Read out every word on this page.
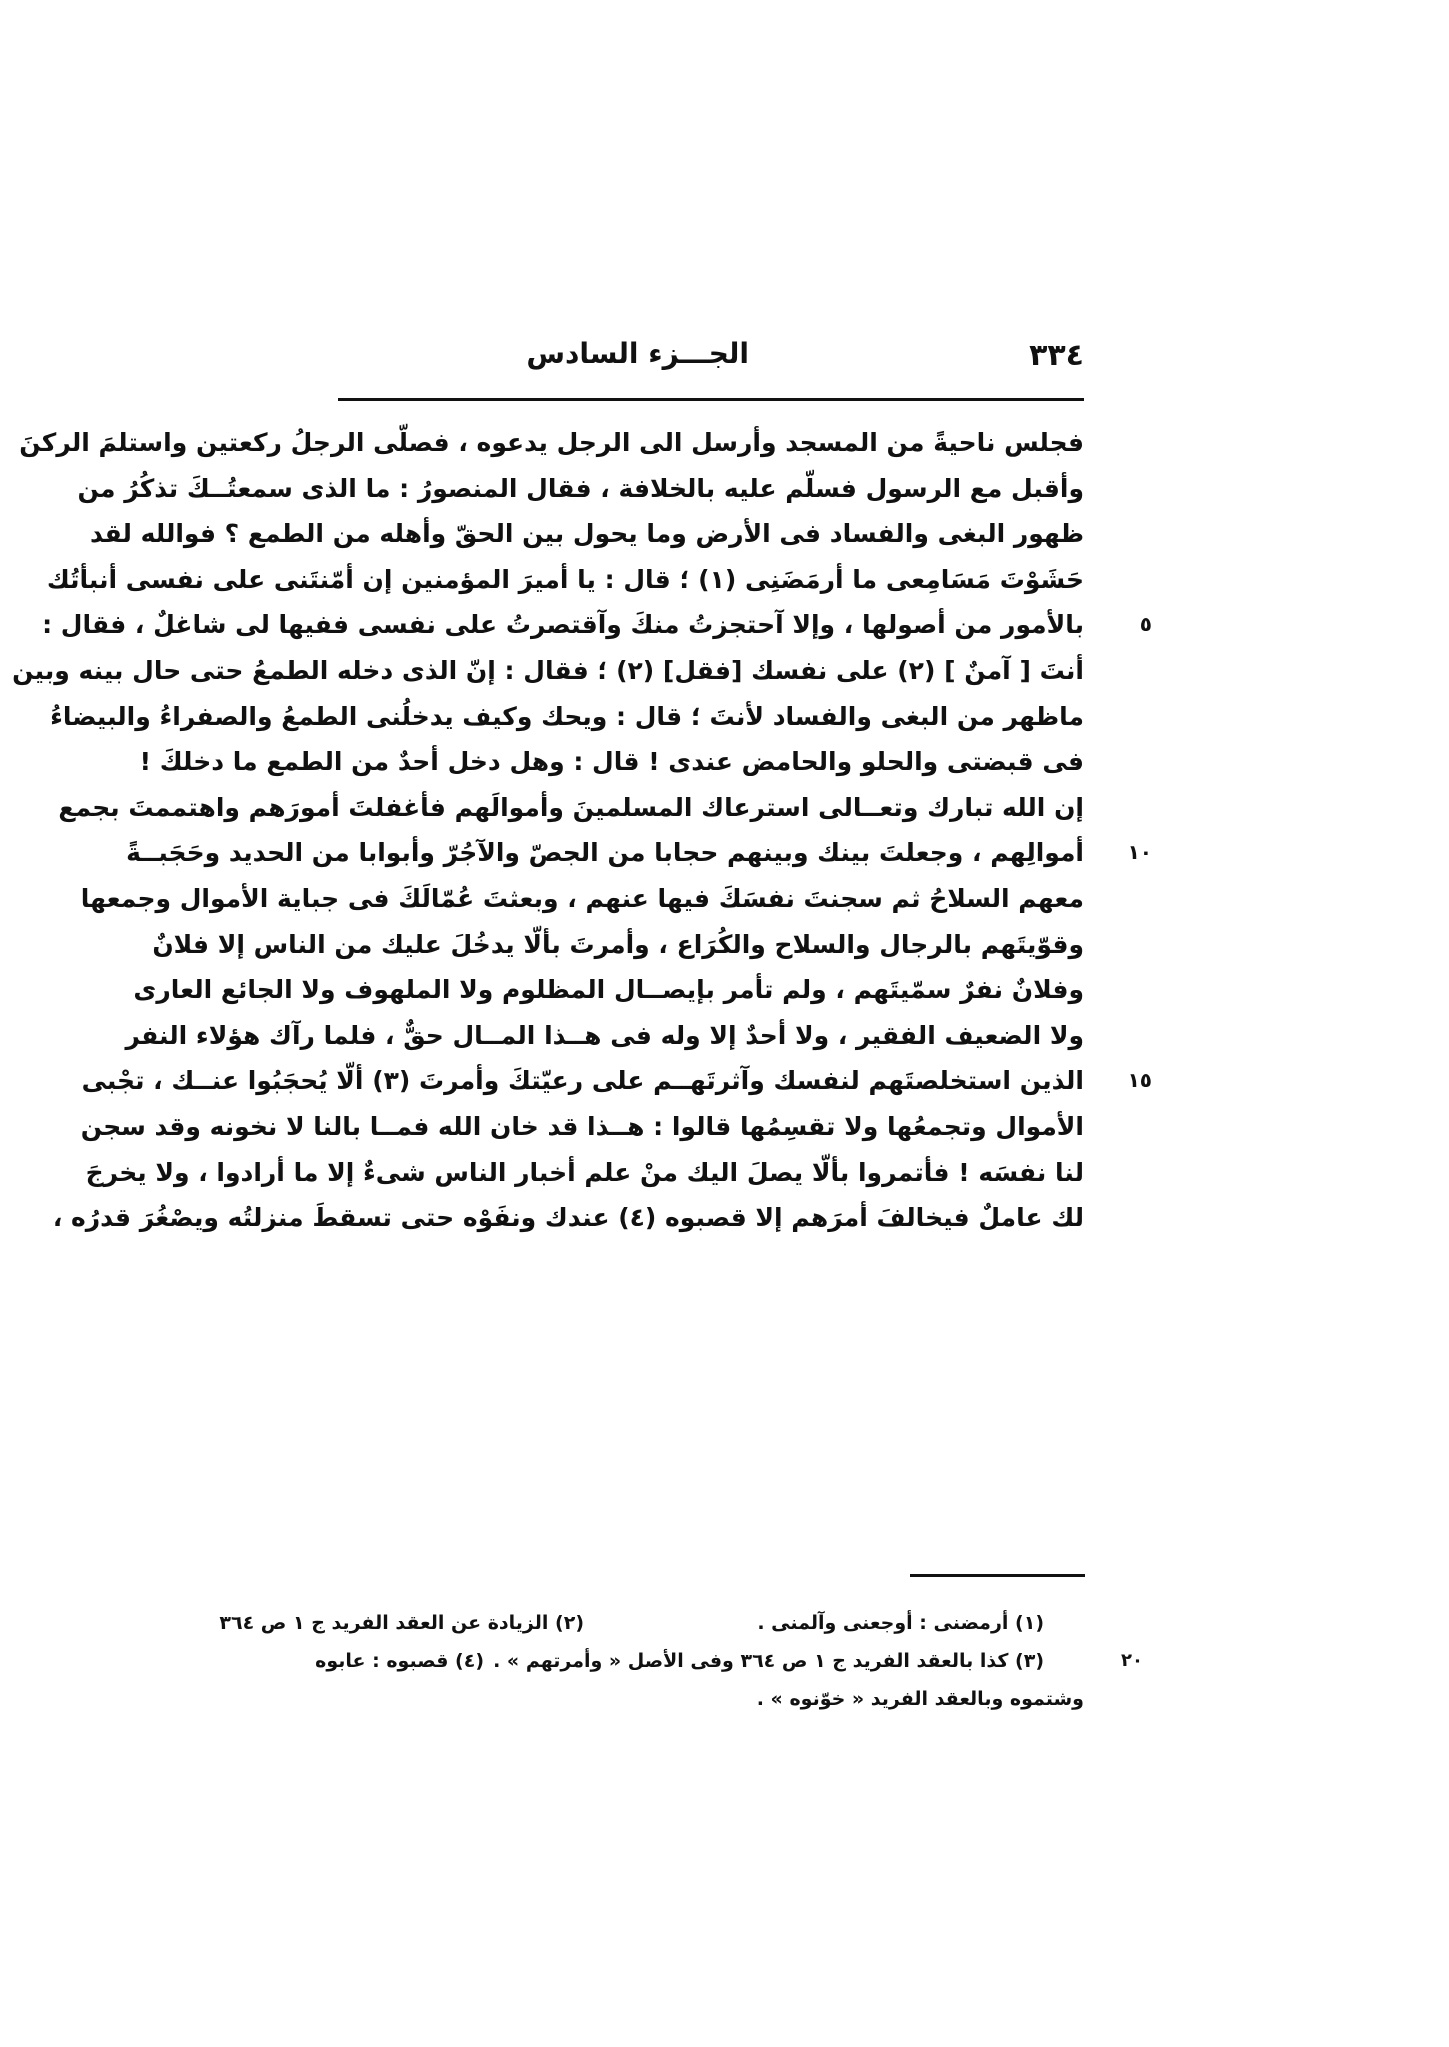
٣٣٤
الجـــزء السادس
فجلس ناحيةً من المسجد وأرسل الى الرجل يدعوه ، فصلّى الرجلُ ركعتين واستلمَ الركنَ
وأقبل مع الرسول فسلّم عليه بالخلافة ، فقال المنصورُ : ما الذى سمعتُــكَ تذكُرُ من
ظهور البغى والفساد فى الأرض وما يحول بين الحقّ وأهله من الطمع ؟ فوالله لقد
حَشَوْتَ مَسَامِعى ما أرمَضَنِى (١) ؛ قال : يا أميرَ المؤمنين إن أمّنتَنى على نفسى أنبأتُك
بالأمور من أصولها ، وإلا آحتجزتُ منكَ وآقتصرتُ على نفسى ففيها لى شاغلٌ ، فقال :	٥
أنتَ [ آمنٌ ] (٢) على نفسك [فقل] (٢) ؛ فقال : إنّ الذى دخله الطمعُ حتى حال بينه وبين
ماظهر من البغى والفساد لأنتَ ؛ قال : ويحك وكيف يدخلُنى الطمعُ والصفراءُ والبيضاءُ
فى قبضتى والحلو والحامض عندى ! قال : وهل دخل أحدٌ من الطمع ما دخلكَ !
إن الله تبارك وتعــالى استرعاك المسلمينَ وأموالَهم فأغفلتَ أمورَهم واهتممتَ بجمع
أموالِهم ، وجعلتَ بينك وبينهم حجابا من الجصّ والآجُرّ وأبوابا من الحديد وحَجَبــةً	١٠
معهم السلاحُ ثم سجنتَ نفسَكَ فيها عنهم ، وبعثتَ عُمّالَكَ فى جباية الأموال وجمعها
وقوّيتَهم بالرجال والسلاح والكُرَاع ، وأمرتَ بألّا يدخُلَ عليك من الناس إلا فلانٌ
وفلانٌ نفرٌ سمّيتَهم ، ولم تأمر بإيصــال المظلوم ولا الملهوف ولا الجائع العارى
ولا الضعيف الفقير ، ولا أحدٌ إلا وله فى هــذا المــال حقٌّ ، فلما رآك هؤلاء النفر
الذين استخلصتَهم لنفسك وآثرتَهــم على رعيّتكَ وأمرتَ (٣) ألّا يُحجَبُوا عنــك ، تجْبى	١٥
الأموال وتجمعُها ولا تقسِمُها قالوا : هــذا قد خان الله فمــا بالنا لا نخونه وقد سجن
لنا نفسَه ! فأتمروا بألّا يصلَ اليك منْ علم أخبار الناس شىءٌ إلا ما أرادوا ، ولا يخرجَ
لك عاملٌ فيخالفَ أمرَهم إلا قصبوه (٤) عندك ونفَوْه حتى تسقطَ منزلتُه ويصْغُرَ قدرُه ،
(١) أرمضنى : أوجعنى وآلمنى .
(٢) الزيادة عن العقد الفريد ج ١ ص ٣٦٤
(٣) كذا بالعقد الفريد ج ١ ص ٣٦٤ وفى الأصل « وأمرتهم » .
(٤) قصبوه : عابوه	٢٠
وشتموه وبالعقد الفريد « خوّنوه » .
